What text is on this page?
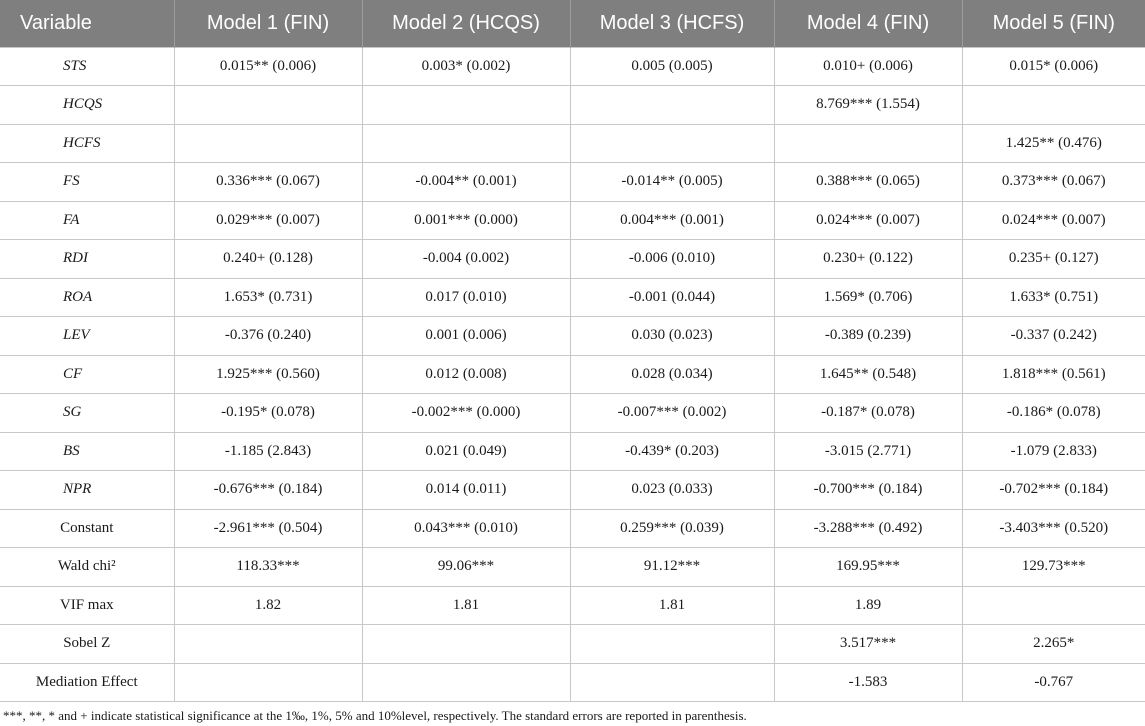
Variable	Model 1 (FIN)	Model 2 (HCQS)	Model 3 (HCFS)	Model 4 (FIN)	Model 5 (FIN)
STS	0.015** (0.006)	0.003* (0.002)	0.005 (0.005)	0.010+ (0.006)	0.015* (0.006)
HCQS				8.769*** (1.554)	
HCFS					1.425** (0.476)
FS	0.336*** (0.067)	-0.004** (0.001)	-0.014** (0.005)	0.388*** (0.065)	0.373*** (0.067)
FA	0.029*** (0.007)	0.001*** (0.000)	0.004*** (0.001)	0.024*** (0.007)	0.024*** (0.007)
RDI	0.240+ (0.128)	-0.004 (0.002)	-0.006 (0.010)	0.230+ (0.122)	0.235+ (0.127)
ROA	1.653* (0.731)	0.017 (0.010)	-0.001 (0.044)	1.569* (0.706)	1.633* (0.751)
LEV	-0.376 (0.240)	0.001 (0.006)	0.030 (0.023)	-0.389 (0.239)	-0.337 (0.242)
CF	1.925*** (0.560)	0.012 (0.008)	0.028 (0.034)	1.645** (0.548)	1.818*** (0.561)
SG	-0.195* (0.078)	-0.002*** (0.000)	-0.007*** (0.002)	-0.187* (0.078)	-0.186* (0.078)
BS	-1.185 (2.843)	0.021 (0.049)	-0.439* (0.203)	-3.015 (2.771)	-1.079 (2.833)
NPR	-0.676*** (0.184)	0.014 (0.011)	0.023 (0.033)	-0.700*** (0.184)	-0.702*** (0.184)
Constant	-2.961*** (0.504)	0.043*** (0.010)	0.259*** (0.039)	-3.288*** (0.492)	-3.403*** (0.520)
Wald chi²	118.33***	99.06***	91.12***	169.95***	129.73***
VIF max	1.82	1.81	1.81	1.89	
Sobel Z				3.517***	2.265*
Mediation Effect				-1.583	-0.767
***, **, * and + indicate statistical significance at the 1‰, 1%, 5% and 10%level, respectively. The standard errors are reported in parenthesis.
